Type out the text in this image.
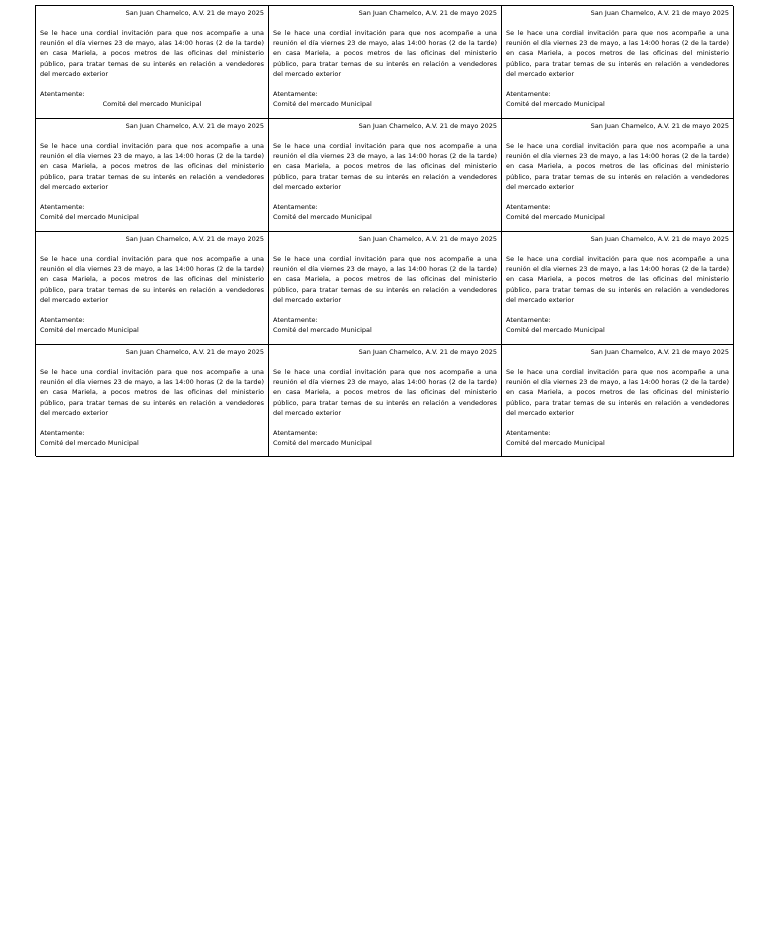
San Juan Chamelco, A.V. 21 de mayo 2025
Se le hace una cordial invitación para que nos acompañe a una reunión el día viernes 23 de mayo, alas 14:00 horas (2 de la tarde) en casa Mariela, a pocos metros de las oficinas del ministerio público, para tratar temas de su interés en relación a vendedores del mercado exterior
Atentamente:
Comité del mercado Municipal
San Juan Chamelco, A.V. 21 de mayo 2025
Se le hace una cordial invitación para que nos acompañe a una reunión el día viernes 23 de mayo, alas 14:00 horas (2 de la tarde) en casa Mariela, a pocos metros de las oficinas del ministerio público, para tratar temas de su interés en relación a vendedores del mercado exterior
Atentamente:
Comité del mercado Municipal
San Juan Chamelco, A.V. 21 de mayo 2025
Se le hace una cordial invitación para que nos acompañe a una reunión el día viernes 23 de mayo, a las 14:00 horas (2 de la tarde) en casa Mariela, a pocos metros de las oficinas del ministerio público, para tratar temas de su interés en relación a vendedores del mercado exterior
Atentamente:
Comité del mercado Municipal
San Juan Chamelco, A.V. 21 de mayo 2025
Se le hace una cordial invitación para que nos acompañe a una reunión el día viernes 23 de mayo, a las 14:00 horas (2 de la tarde) en casa Mariela, a pocos metros de las oficinas del ministerio público, para tratar temas de su interés en relación a vendedores del mercado exterior
Atentamente:
Comité del mercado Municipal
San Juan Chamelco, A.V. 21 de mayo 2025
Se le hace una cordial invitación para que nos acompañe a una reunión el día viernes 23 de mayo, a las 14:00 horas (2 de la tarde) en casa Mariela, a pocos metros de las oficinas del ministerio público, para tratar temas de su interés en relación a vendedores del mercado exterior
Atentamente:
Comité del mercado Municipal
San Juan Chamelco, A.V. 21 de mayo 2025
Se le hace una cordial invitación para que nos acompañe a una reunión el día viernes 23 de mayo, a las 14:00 horas (2 de la tarde) en casa Mariela, a pocos metros de las oficinas del ministerio público, para tratar temas de su interés en relación a vendedores del mercado exterior
Atentamente:
Comité del mercado Municipal
San Juan Chamelco, A.V. 21 de mayo 2025
Se le hace una cordial invitación para que nos acompañe a una reunión el día viernes 23 de mayo, a las 14:00 horas (2 de la tarde) en casa Mariela, a pocos metros de las oficinas del ministerio público, para tratar temas de su interés en relación a vendedores del mercado exterior
Atentamente:
Comité del mercado Municipal
San Juan Chamelco, A.V. 21 de mayo 2025
Se le hace una cordial invitación para que nos acompañe a una reunión el día viernes 23 de mayo, a las 14:00 horas (2 de la tarde) en casa Mariela, a pocos metros de las oficinas del ministerio público, para tratar temas de su interés en relación a vendedores del mercado exterior
Atentamente:
Comité del mercado Municipal
San Juan Chamelco, A.V. 21 de mayo 2025
Se le hace una cordial invitación para que nos acompañe a una reunión el día viernes 23 de mayo, a las 14:00 horas (2 de la tarde) en casa Mariela, a pocos metros de las oficinas del ministerio público, para tratar temas de su interés en relación a vendedores del mercado exterior
Atentamente:
Comité del mercado Municipal
San Juan Chamelco, A.V. 21 de mayo 2025
Se le hace una cordial invitación para que nos acompañe a una reunión el día viernes 23 de mayo, a las 14:00 horas (2 de la tarde) en casa Mariela, a pocos metros de las oficinas del ministerio público, para tratar temas de su interés en relación a vendedores del mercado exterior
Atentamente:
Comité del mercado Municipal
San Juan Chamelco, A.V. 21 de mayo 2025
Se le hace una cordial invitación para que nos acompañe a una reunión el día viernes 23 de mayo, alas 14:00 horas (2 de la tarde) en casa Mariela, a pocos metros de las oficinas del ministerio público, para tratar temas de su interés en relación a vendedores del mercado exterior
Atentamente:
Comité del mercado Municipal
San Juan Chamelco, A.V. 21 de mayo 2025
Se le hace una cordial invitación para que nos acompañe a una reunión el día viernes 23 de mayo, a las 14:00 horas (2 de la tarde) en casa Mariela, a pocos metros de las oficinas del ministerio público, para tratar temas de su interés en relación a vendedores del mercado exterior
Atentamente:
Comité del mercado Municipal
